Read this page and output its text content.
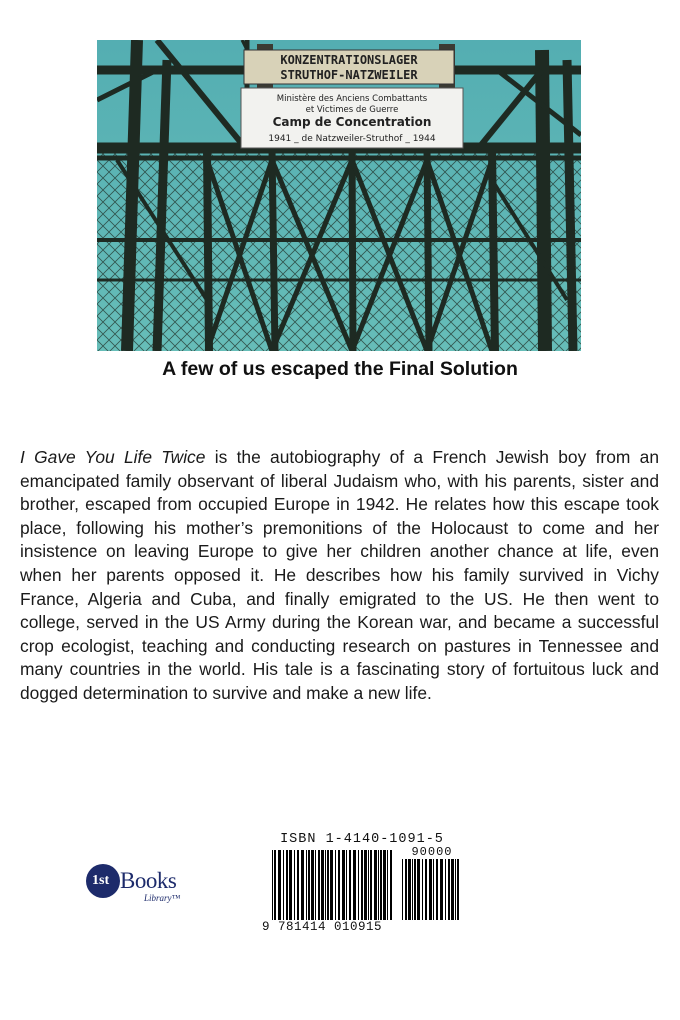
KONZENTRATIONSLAGER
STRUTHOF-NATZWEILER
Ministère des Anciens Combattants
et Victimes de Guerre
Camp de Concentration
1941 _ de Natzweiler-Struthof _ 1944
A few of us escaped the Final Solution
I Gave You Life Twice is the autobiography of a French Jewish boy from an emancipated family observant of liberal Judaism who, with his parents, sister and brother, escaped from occupied Europe in 1942. He relates how this escape took place, following his mother’s premonitions of the Holocaust to come and her insistence on leaving Europe to give her children another chance at life, even when her parents opposed it. He describes how his family survived in Vichy France, Algeria and Cuba, and finally emigrated to the US. He then went to college, served in the US Army during the Korean war, and became a successful crop ecologist, teaching and conducting research on pastures in Tennessee and many countries in the world. His tale is a fascinating story of fortuitous luck and dogged determination to survive and make a new life.
1st Books
Library™
ISBN 1-4140-1091-5
90000
9 781414 010915
